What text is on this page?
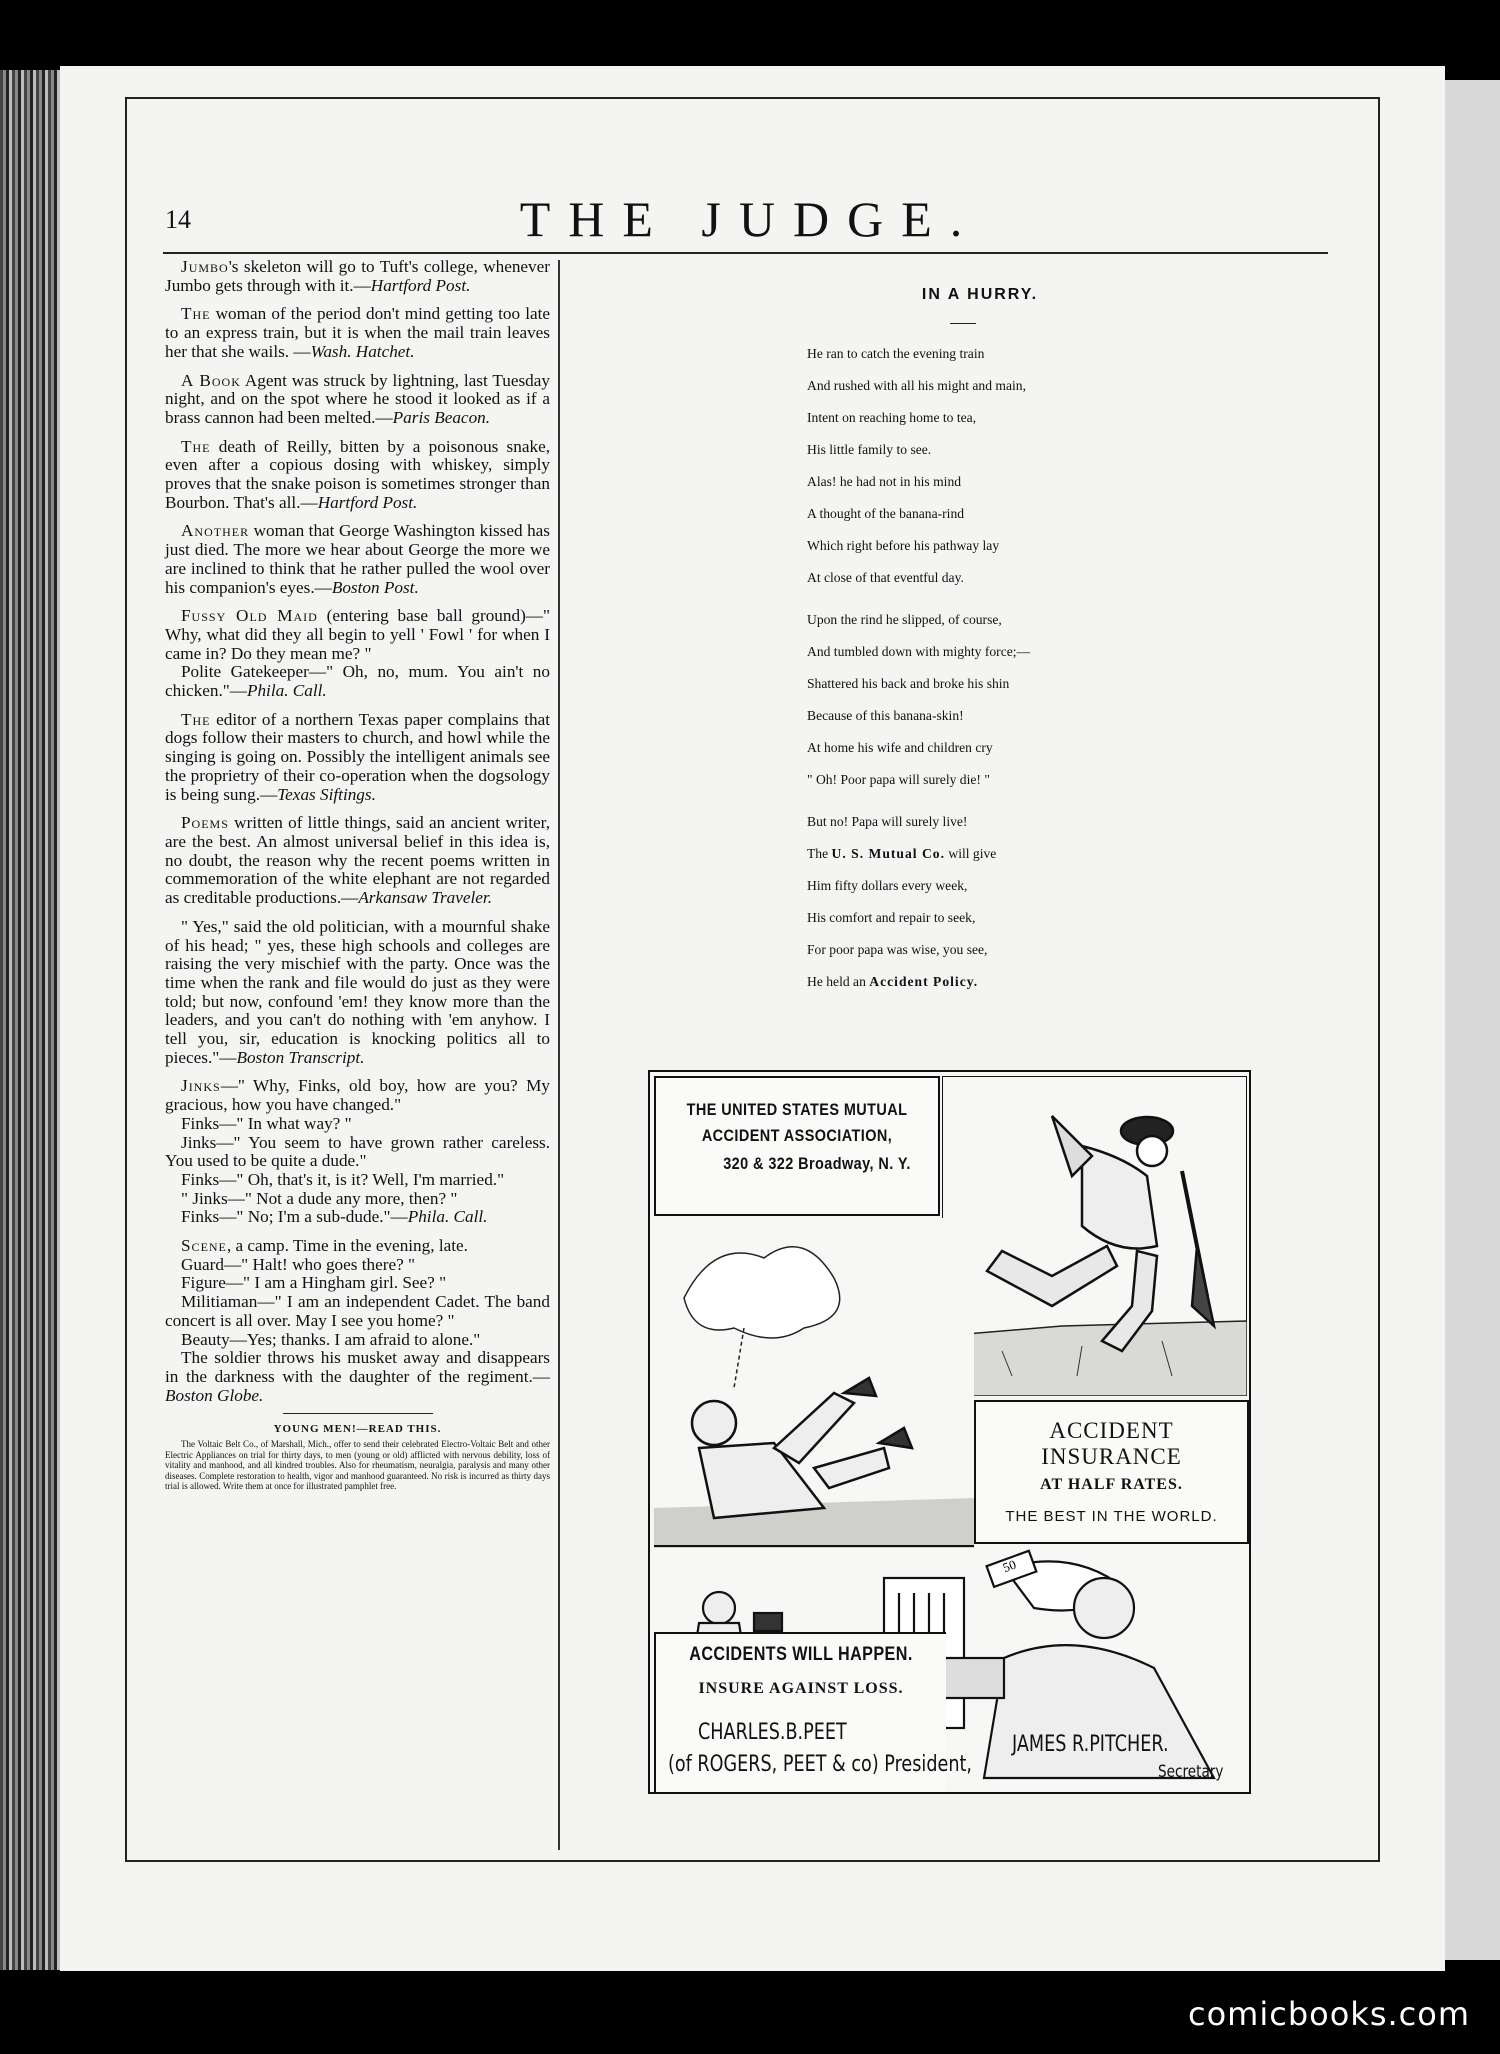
14	THE JUDGE.

Jumbo's skeleton will go to Tuft's college, whenever Jumbo gets through with it.—Hartford Post.

The woman of the period don't mind getting too late to an express train, but it is when the mail train leaves her that she wails. —Wash. Hatchet.

A Book Agent was struck by lightning, last Tuesday night, and on the spot where he stood it looked as if a brass cannon had been melted.—Paris Beacon.

The death of Reilly, bitten by a poisonous snake, even after a copious dosing with whiskey, simply proves that the snake poison is sometimes stronger than Bourbon. That's all.—Hartford Post.

Another woman that George Washington kissed has just died. The more we hear about George the more we are inclined to think that he rather pulled the wool over his companion's eyes.—Boston Post.

Fussy Old Maid (entering base ball ground)—" Why, what did they all begin to yell ' Fowl ' for when I came in? Do they mean me? "

Polite Gatekeeper—" Oh, no, mum. You ain't no chicken."—Phila. Call.

The editor of a northern Texas paper complains that dogs follow their masters to church, and howl while the singing is going on. Possibly the intelligent animals see the proprietry of their co-operation when the dogsology is being sung.—Texas Siftings.

Poems written of little things, said an ancient writer, are the best. An almost universal belief in this idea is, no doubt, the reason why the recent poems written in commemoration of the white elephant are not regarded as creditable productions.—Arkansaw Traveler.

" Yes," said the old politician, with a mournful shake of his head; " yes, these high schools and colleges are raising the very mischief with the party. Once was the time when the rank and file would do just as they were told; but now, confound 'em! they know more than the leaders, and you can't do nothing with 'em anyhow. I tell you, sir, education is knocking politics all to pieces."—Boston Transcript.

Jinks—" Why, Finks, old boy, how are you? My gracious, how you have changed."

Finks—" In what way? "

Jinks—" You seem to have grown rather careless. You used to be quite a dude."

Finks—" Oh, that's it, is it? Well, I'm married."

" Jinks—" Not a dude any more, then? "

Finks—" No; I'm a sub-dude."—Phila. Call.

Scene, a camp. Time in the evening, late.

Guard—" Halt! who goes there? "

Figure—" I am a Hingham girl. See? "

Militiaman—" I am an independent Cadet. The band concert is all over. May I see you home? "

Beauty—Yes; thanks. I am afraid to alone."

The soldier throws his musket away and disappears in the darkness with the daughter of the regiment.—Boston Globe.

YOUNG MEN!—READ THIS.

The Voltaic Belt Co., of Marshall, Mich., offer to send their celebrated Electro-Voltaic Belt and other Electric Appliances on trial for thirty days, to men (young or old) afflicted with nervous debility, loss of vitality and manhood, and all kindred troubles. Also for rheumatism, neuralgia, paralysis and many other diseases. Complete restoration to health, vigor and manhood guaranteed. No risk is incurred as thirty days trial is allowed. Write them at once for illustrated pamphlet free.

IN A HURRY.
He ran to catch the evening train
And rushed with all his might and main,
Intent on reaching home to tea,
His little family to see.
Alas! he had not in his mind
A thought of the banana-rind
Which right before his pathway lay
At close of that eventful day.
Upon the rind he slipped, of course,
And tumbled down with mighty force;—
Shattered his back and broke his shin
Because of this banana-skin!
At home his wife and children cry
" Oh! Poor papa will surely die! "
But no! Papa will surely live!
The U. S. Mutual Co. will give
Him fifty dollars every week,
His comfort and repair to seek,
For poor papa was wise, you see,
He held an Accident Policy.
THE UNITED STATES MUTUAL
ACCIDENT ASSOCIATION,
320 & 322 Broadway, N. Y.
ACCIDENT INSURANCE
AT HALF RATES.
THE BEST IN THE WORLD.
50
ACCIDENTS WILL HAPPEN.
INSURE AGAINST LOSS.
CHARLES.B.PEET
(of ROGERS, PEET & co) President,
JAMES R.PITCHER.
Secretary
comicbooks.com
